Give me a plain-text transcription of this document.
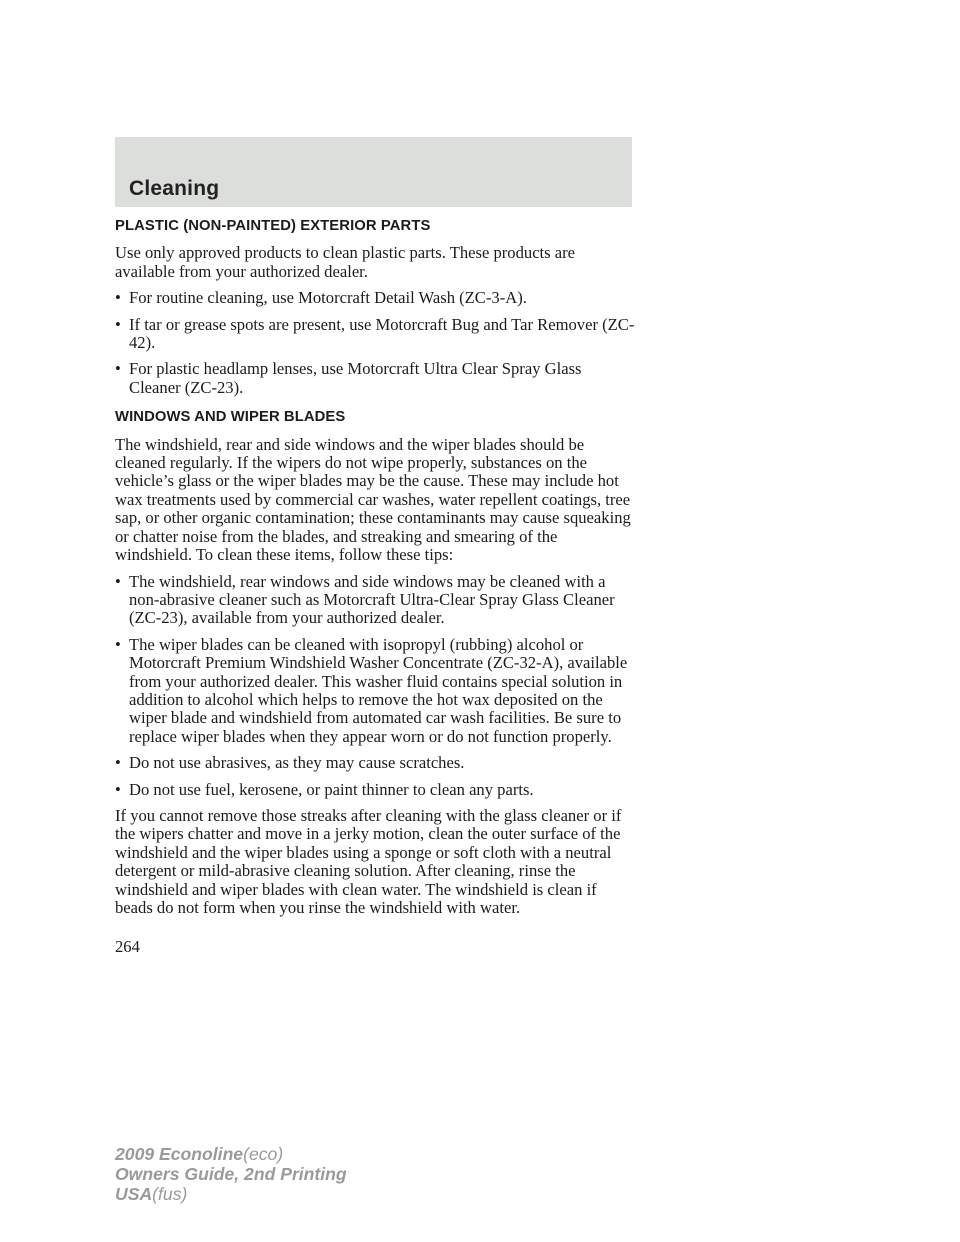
Cleaning
PLASTIC (NON-PAINTED) EXTERIOR PARTS

Use only approved products to clean plastic parts. These products are available from your authorized dealer.

• For routine cleaning, use Motorcraft Detail Wash (ZC-3-A).
• If tar or grease spots are present, use Motorcraft Bug and Tar Remover (ZC-42).
• For plastic headlamp lenses, use Motorcraft Ultra Clear Spray Glass Cleaner (ZC-23).
WINDOWS AND WIPER BLADES

The windshield, rear and side windows and the wiper blades should be cleaned regularly. If the wipers do not wipe properly, substances on the vehicle’s glass or the wiper blades may be the cause. These may include hot wax treatments used by commercial car washes, water repellent coatings, tree sap, or other organic contamination; these contaminants may cause squeaking or chatter noise from the blades, and streaking and smearing of the windshield. To clean these items, follow these tips:

• The windshield, rear windows and side windows may be cleaned with a non-abrasive cleaner such as Motorcraft Ultra-Clear Spray Glass Cleaner (ZC-23), available from your authorized dealer.
• The wiper blades can be cleaned with isopropyl (rubbing) alcohol or Motorcraft Premium Windshield Washer Concentrate (ZC-32-A), available from your authorized dealer. This washer fluid contains special solution in addition to alcohol which helps to remove the hot wax deposited on the wiper blade and windshield from automated car wash facilities. Be sure to replace wiper blades when they appear worn or do not function properly.
• Do not use abrasives, as they may cause scratches.
• Do not use fuel, kerosene, or paint thinner to clean any parts.

If you cannot remove those streaks after cleaning with the glass cleaner or if the wipers chatter and move in a jerky motion, clean the outer surface of the windshield and the wiper blades using a sponge or soft cloth with a neutral detergent or mild-abrasive cleaning solution. After cleaning, rinse the windshield and wiper blades with clean water. The windshield is clean if beads do not form when you rinse the windshield with water.

264
2009 Econoline(eco)
Owners Guide, 2nd Printing
USA(fus)
